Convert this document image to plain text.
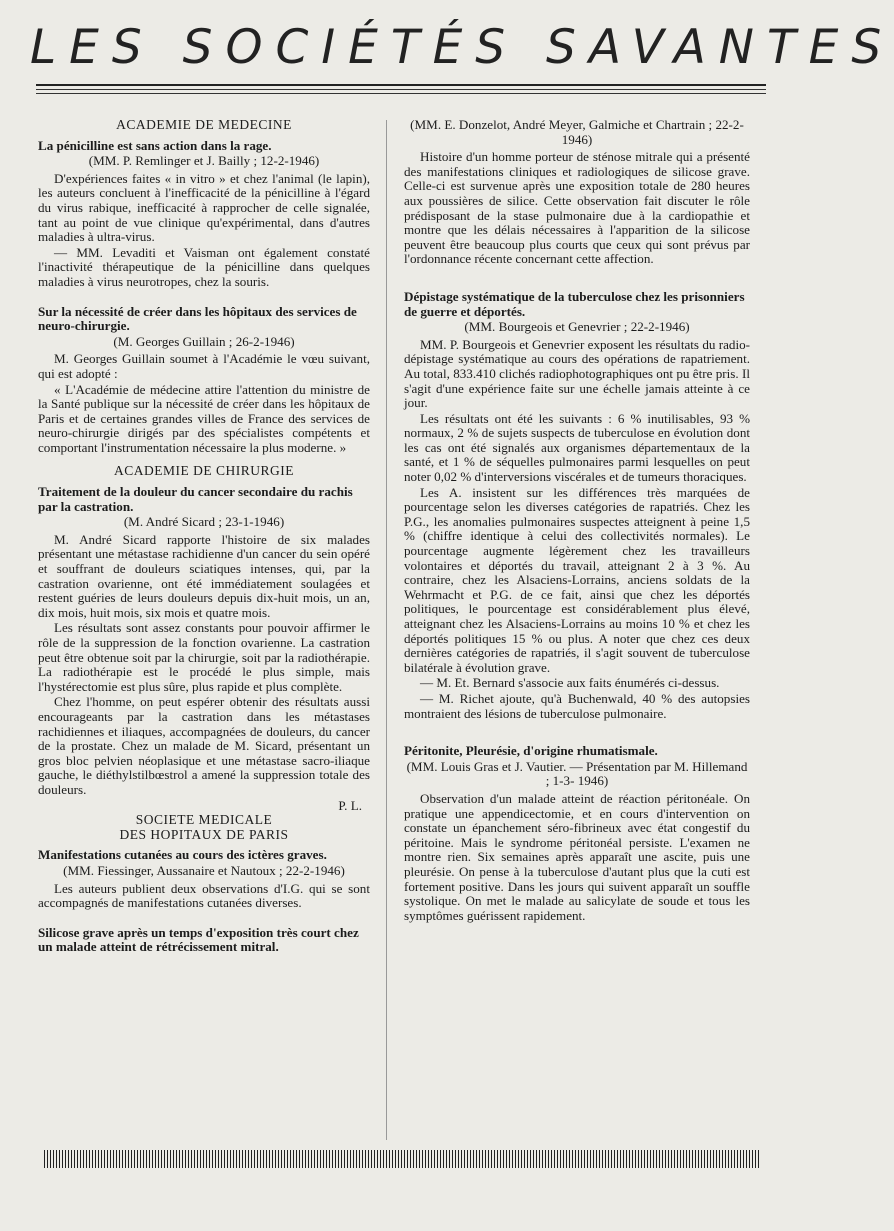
LES SOCIÉTÉS SAVANTES
ACADEMIE DE MEDECINE
La pénicilline est sans action dans la rage.
(MM. P. Remlinger et J. Bailly ; 12-2-1946)

D'expériences faites « in vitro » et chez l'animal (le lapin), les auteurs concluent à l'inefficacité de la pénicilline à l'égard du virus rabique, inefficacité à rapprocher de celle signalée, tant au point de vue clinique qu'expérimental, dans d'autres maladies à ultra-virus.

— MM. Levaditi et Vaisman ont également constaté l'inactivité thérapeutique de la pénicilline dans quelques maladies à virus neurotropes, chez la souris.

Sur la nécessité de créer dans les hôpitaux des services de neuro-chirurgie.
(M. Georges Guillain ; 26-2-1946)

M. Georges Guillain soumet à l'Académie le vœu suivant, qui est adopté :

« L'Académie de médecine attire l'attention du ministre de la Santé publique sur la nécessité de créer dans les hôpitaux de Paris et de certaines grandes villes de France des services de neuro-chirurgie dirigés par des spécialistes compétents et comportant l'instrumentation nécessaire la plus moderne. »

ACADEMIE DE CHIRURGIE
Traitement de la douleur du cancer secondaire du rachis par la castration.
(M. André Sicard ; 23-1-1946)

M. André Sicard rapporte l'histoire de six malades présentant une métastase rachidienne d'un cancer du sein opéré et souffrant de douleurs sciatiques intenses, qui, par la castration ovarienne, ont été immédiatement soulagées et restent guéries de leurs douleurs depuis dix-huit mois, un an, dix mois, huit mois, six mois et quatre mois.

Les résultats sont assez constants pour pouvoir affirmer le rôle de la suppression de la fonction ovarienne. La castration peut être obtenue soit par la chirurgie, soit par la radiothérapie. La radiothérapie est le procédé le plus simple, mais l'hystérectomie est plus sûre, plus rapide et plus complète.

Chez l'homme, on peut espérer obtenir des résultats aussi encourageants par la castration dans les métastases rachidiennes et iliaques, accompagnées de douleurs, du cancer de la prostate. Chez un malade de M. Sicard, présentant un gros bloc pelvien néoplasique et une métastase sacro-iliaque gauche, le diéthylstilbœstrol a amené la suppression totale des douleurs.

P. L.
SOCIETE MEDICALE
DES HOPITAUX DE PARIS
Manifestations cutanées au cours des ictères graves.
(MM. Fiessinger, Aussanaire et Nautoux ; 22-2-1946)

Les auteurs publient deux observations d'I.G. qui se sont accompagnés de manifestations cutanées diverses.

Silicose grave après un temps d'exposition très court chez un malade atteint de rétrécissement mitral.
(MM. E. Donzelot, André Meyer, Galmiche et Chartrain ; 22-2-1946)

Histoire d'un homme porteur de sténose mitrale qui a présenté des manifestations cliniques et radiologiques de silicose grave. Celle-ci est survenue après une exposition totale de 280 heures aux poussières de silice. Cette observation fait discuter le rôle prédisposant de la stase pulmonaire due à la cardiopathie et montre que les délais nécessaires à l'apparition de la silicose peuvent être beaucoup plus courts que ceux qui sont prévus par l'ordonnance récente concernant cette affection.

Dépistage systématique de la tuberculose chez les prisonniers de guerre et déportés.
(MM. Bourgeois et Genevrier ; 22-2-1946)

MM. P. Bourgeois et Genevrier exposent les résultats du radio-dépistage systématique au cours des opérations de rapatriement. Au total, 833.410 clichés radiophotographiques ont pu être pris. Il s'agit d'une expérience faite sur une échelle jamais atteinte à ce jour.

Les résultats ont été les suivants : 6 % inutilisables, 93 % normaux, 2 % de sujets suspects de tuberculose en évolution dont les cas ont été signalés aux organismes départementaux de la santé, et 1 % de séquelles pulmonaires parmi lesquelles on peut noter 0,02 % d'interversions viscérales et de tumeurs thoraciques.

Les A. insistent sur les différences très marquées de pourcentage selon les diverses catégories de rapatriés. Chez les P.G., les anomalies pulmonaires suspectes atteignent à peine 1,5 % (chiffre identique à celui des collectivités normales). Le pourcentage augmente légèrement chez les travailleurs volontaires et déportés du travail, atteignant 2 à 3 %. Au contraire, chez les Alsaciens-Lorrains, anciens soldats de la Wehrmacht et P.G. de ce fait, ainsi que chez les déportés politiques, le pourcentage est considérablement plus élevé, atteignant chez les Alsaciens-Lorrains au moins 10 % et chez les déportés politiques 15 % ou plus. A noter que chez ces deux dernières catégories de rapatriés, il s'agit souvent de tuberculose bilatérale à évolution grave.

— M. Et. Bernard s'associe aux faits énumérés ci-dessus.

— M. Richet ajoute, qu'à Buchenwald, 40 % des autopsies montraient des lésions de tuberculose pulmonaire.

Péritonite, Pleurésie, d'origine rhumatismale.
(MM. Louis Gras et J. Vautier. — Présentation par M. Hillemand ; 1-3- 1946)

Observation d'un malade atteint de réaction péritonéale. On pratique une appendicectomie, et en cours d'intervention on constate un épanchement séro-fibrineux avec état congestif du péritoine. Mais le syndrome péritonéal persiste. L'examen ne montre rien. Six semaines après apparaît une ascite, puis une pleurésie. On pense à la tuberculose d'autant plus que la cuti est fortement positive. Dans les jours qui suivent apparaît un souffle systolique. On met le malade au salicylate de soude et tous les symptômes guérissent rapidement.
